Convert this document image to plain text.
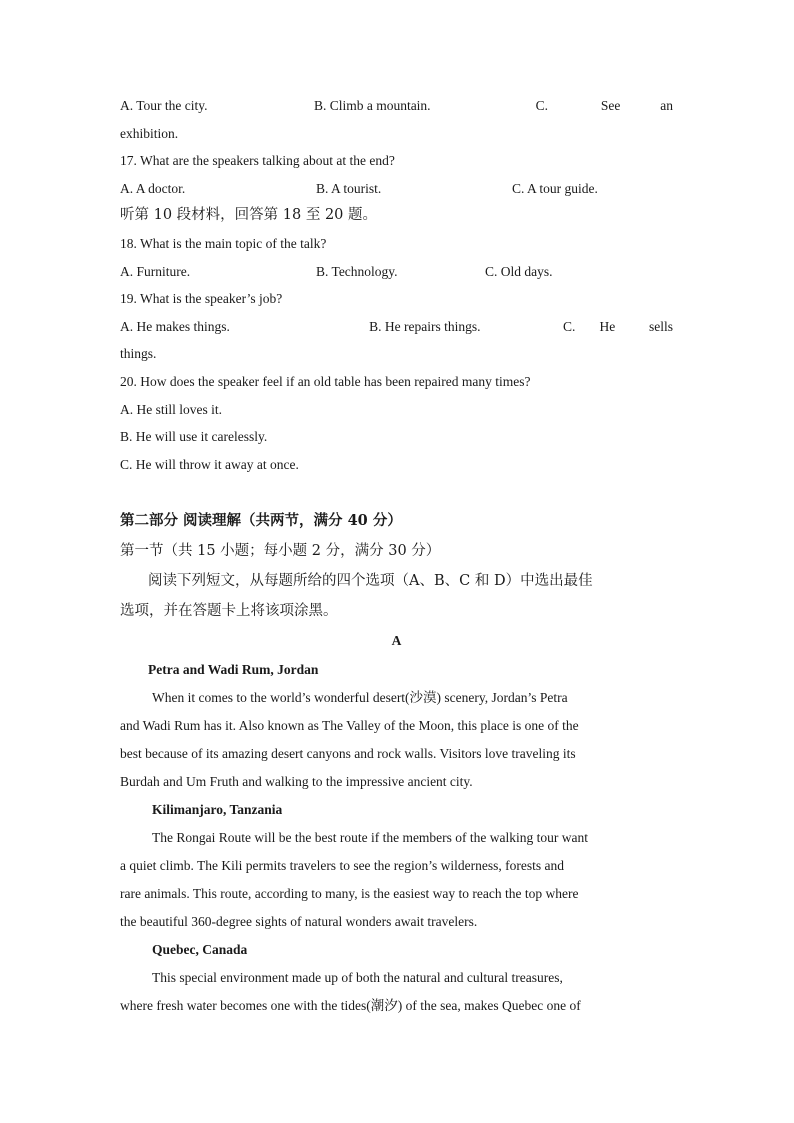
A. Tour the city.	B. Climb a mountain.	C.	See	an
exhibition.
17. What are the speakers talking about at the end?
A. A doctor.	B. A tourist.	C. A tour guide.
听第 10 段材料，回答第 18 至 20 题。
18. What is the main topic of the talk?
A. Furniture.	B. Technology.	C. Old days.
19. What is the speaker’s job?
A. He makes things.	B. He repairs things.	C.	He	sells
things.
20. How does the speaker feel if an old table has been repaired many times?
A. He still loves it.
B. He will use it carelessly.
C. He will throw it away at once.
第二部分 阅读理解（共两节，满分 40 分）
第一节（共 15 小题；每小题 2 分，满分 30 分）
阅读下列短文，从每题所给的四个选项（A、B、C 和 D）中选出最佳
选项，并在答题卡上将该项涂黑。
A
Petra and Wadi Rum, Jordan
When it comes to the world’s wonderful desert(沙漠) scenery, Jordan’s Petra
and Wadi Rum has it. Also known as The Valley of the Moon, this place is one of the
best because of its amazing desert canyons and rock walls. Visitors love traveling its
Burdah and Um Fruth and walking to the impressive ancient city.
Kilimanjaro, Tanzania
The Rongai Route will be the best route if the members of the walking tour want
a quiet climb. The Kili permits travelers to see the region’s wilderness, forests and
rare animals. This route, according to many, is the easiest way to reach the top where
the beautiful 360-degree sights of natural wonders await travelers.
Quebec, Canada
This special environment made up of both the natural and cultural treasures,
where fresh water becomes one with the tides(潮汐) of the sea, makes Quebec one of
